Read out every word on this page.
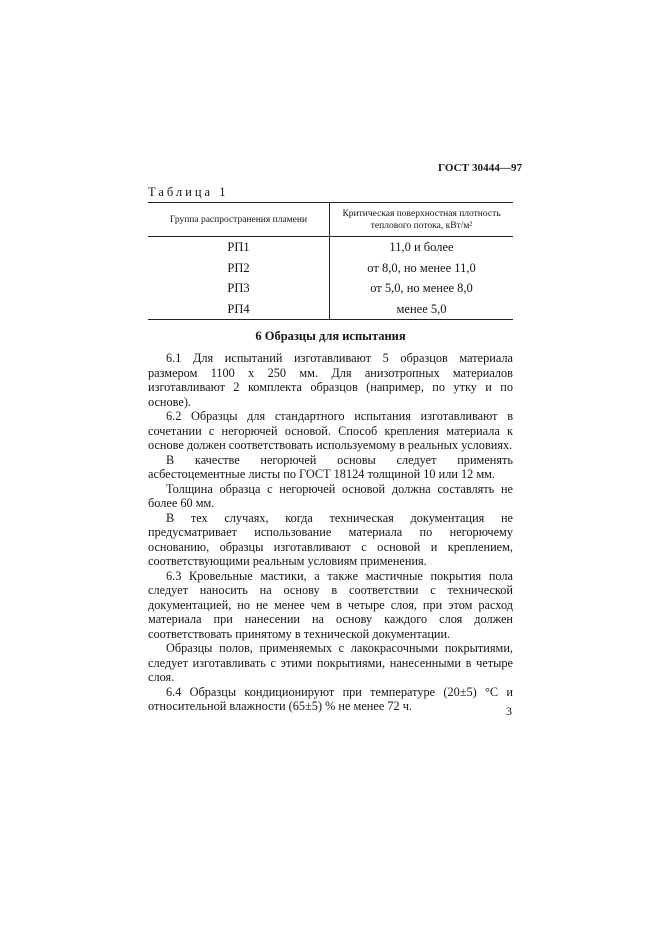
ГОСТ 30444—97
Таблица 1
Группа распространения пламени	Критическая поверхностная плотность теплового потока, кВт/м²
РП1	11,0 и более
РП2	от 8,0, но менее 11,0
РП3	от 5,0, но менее 8,0
РП4	менее 5,0
6 Образцы для испытания

6.1 Для испытаний изготавливают 5 образцов материала размером 1100 х 250 мм. Для анизотропных материалов изготавливают 2 комплекта образцов (например, по утку и по основе).

6.2 Образцы для стандартного испытания изготавливают в сочетании с негорючей основой. Способ крепления материала к основе должен соответствовать используемому в реальных условиях.

В качестве негорючей основы следует применять асбестоцементные листы по ГОСТ 18124 толщиной 10 или 12 мм.

Толщина образца с негорючей основой должна составлять не более 60 мм.

В тех случаях, когда техническая документация не предусматривает использование материала по негорючему основанию, образцы изготавливают с основой и креплением, соответствующими реальным условиям применения.

6.3 Кровельные мастики, а также мастичные покрытия пола следует наносить на основу в соответствии с технической документацией, но не менее чем в четыре слоя, при этом расход материала при нанесении на основу каждого слоя должен соответствовать принятому в технической документации.

Образцы полов, применяемых с лакокрасочными покрытиями, следует изготавливать с этими покрытиями, нанесенными в четыре слоя.

6.4 Образцы кондиционируют при температуре (20±5) °С и относительной влажности (65±5) % не менее 72 ч.	3
